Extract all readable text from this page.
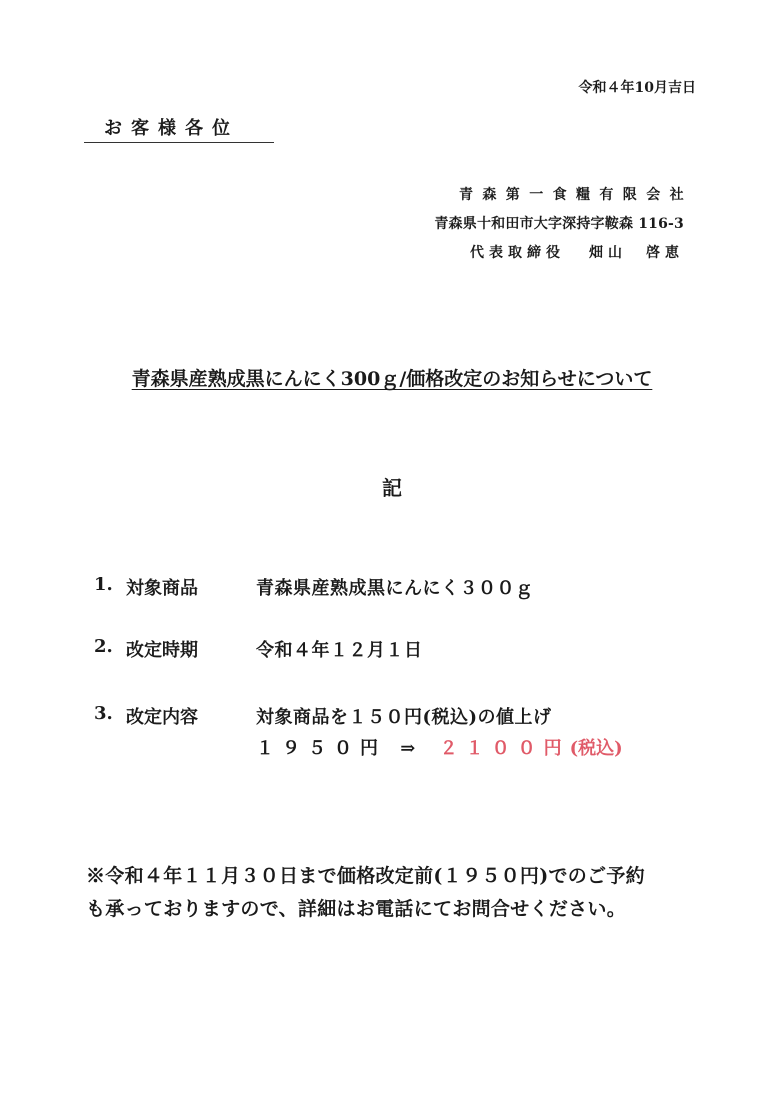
令和４年10月吉日
お客様各位
青森第一食糧有限会社
青森県十和田市大字深持字鞍森 116-3
代表取締役 畑山　啓恵
青森県産熟成黒にんにく300ｇ/価格改定のお知らせについて
記
1. 対象商品	青森県産熟成黒にんにく３００ｇ
2. 改定時期	令和４年１２月１日
3. 改定内容	対象商品を１５０円(税込)の値上げ
１９５０円 ⇒ ２１００円(税込)
※令和４年１１月３０日まで価格改定前(１９５０円)でのご予約
も承っておりますので、詳細はお電話にてお問合せください。
